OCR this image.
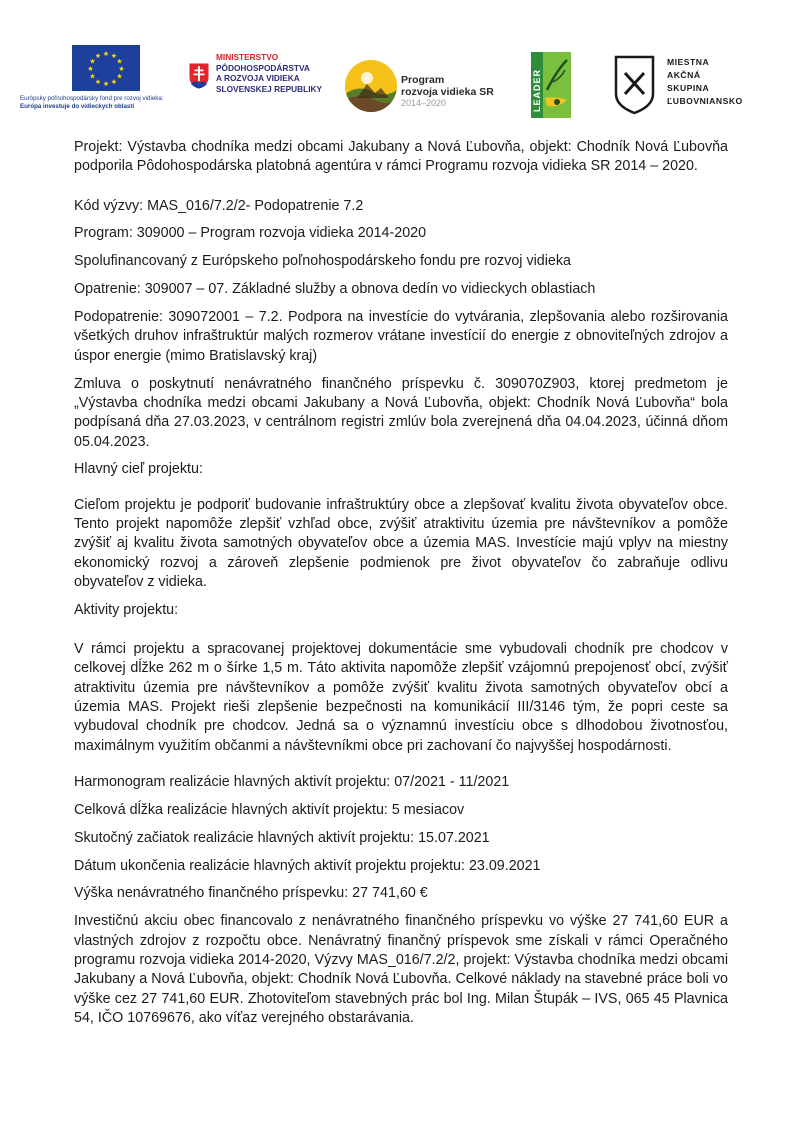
★ ★
★
★
★
★
★
★
★
★
★
★
Európsky poľnohospodársky fond pre rozvoj vidieka:
Európa investuje do vidieckych oblastí
MINISTERSTVO
PÔDOHOSPODÁRSTVA
A ROZVOJA VIDIEKA
SLOVENSKEJ REPUBLIKY
Program
rozvoja vidieka SR
2014–2020	LEADER
MIESTNA
AKČNÁ
SKUPINA
ĽUBOVNIANSKO

Projekt: Výstavba chodníka medzi obcami Jakubany a Nová Ľubovňa, objekt: Chodník Nová Ľubovňa podporila Pôdohospodárska platobná agentúra v rámci Programu rozvoja vidieka SR 2014 – 2020.

Kód výzvy: MAS_016/7.2/2- Podopatrenie 7.2

Program: 309000 – Program rozvoja vidieka 2014-2020

Spolufinancovaný z Európskeho poľnohospodárskeho fondu pre rozvoj vidieka

Opatrenie: 309007 – 07. Základné služby a obnova dedín vo vidieckych oblastiach

Podopatrenie: 309072001 – 7.2. Podpora na investície do vytvárania, zlepšovania alebo rozširovania všetkých druhov infraštruktúr malých rozmerov vrátane investícií do energie z obnoviteľných zdrojov a úspor energie (mimo Bratislavský kraj)

Zmluva o poskytnutí nenávratného finančného príspevku č. 309070Z903, ktorej predmetom je „Výstavba chodníka medzi obcami Jakubany a Nová Ľubovňa, objekt: Chodník Nová Ľubovňa“ bola podpísaná dňa 27.03.2023, v centrálnom registri zmlúv bola zverejnená dňa 04.04.2023, účinná dňom 05.04.2023.

Hlavný cieľ projektu:

Cieľom projektu je podporiť budovanie infraštruktúry obce a zlepšovať kvalitu života obyvateľov obce. Tento projekt napomôže zlepšiť vzhľad obce, zvýšiť atraktivitu územia pre návštevníkov a pomôže zvýšiť aj kvalitu života samotných obyvateľov obce a územia MAS. Investície majú vplyv na miestny ekonomický rozvoj a zároveň zlepšenie podmienok pre život obyvateľov čo zabraňuje odlivu obyvateľov z vidieka.

Aktivity projektu:

V rámci projektu a spracovanej projektovej dokumentácie sme vybudovali chodník pre chodcov v celkovej dĺžke 262 m o šírke 1,5 m. Táto aktivita napomôže zlepšiť vzájomnú prepojenosť obcí, zvýšiť atraktivitu územia pre návštevníkov a pomôže zvýšiť kvalitu života samotných obyvateľov obcí a územia MAS. Projekt rieši zlepšenie bezpečnosti na komunikácií III/3146 tým, že popri ceste sa vybudoval chodník pre chodcov. Jedná sa o významnú investíciu obce s dlhodobou životnosťou, maximálnym využitím občanmi a návštevníkmi obce pri zachovaní čo najvyššej hospodárnosti.

Harmonogram realizácie hlavných aktivít projektu: 07/2021 - 11/2021

Celková dĺžka realizácie hlavných aktivít projektu: 5 mesiacov

Skutočný začiatok realizácie hlavných aktivít projektu: 15.07.2021

Dátum ukončenia realizácie hlavných aktivít projektu projektu: 23.09.2021

Výška nenávratného finančného príspevku: 27 741,60 €

Investičnú akciu obec financovalo z nenávratného finančného príspevku vo výške 27 741,60 EUR a vlastných zdrojov z rozpočtu obce. Nenávratný finančný príspevok sme získali v rámci Operačného programu rozvoja vidieka 2014-2020, Výzvy MAS_016/7.2/2, projekt: Výstavba chodníka medzi obcami Jakubany a Nová Ľubovňa, objekt: Chodník Nová Ľubovňa. Celkové náklady na stavebné práce boli vo výške cez 27 741,60 EUR. Zhotoviteľom stavebných prác bol Ing. Milan Štupák – IVS, 065 45 Plavnica 54, IČO 10769676, ako víťaz verejného obstarávania.
